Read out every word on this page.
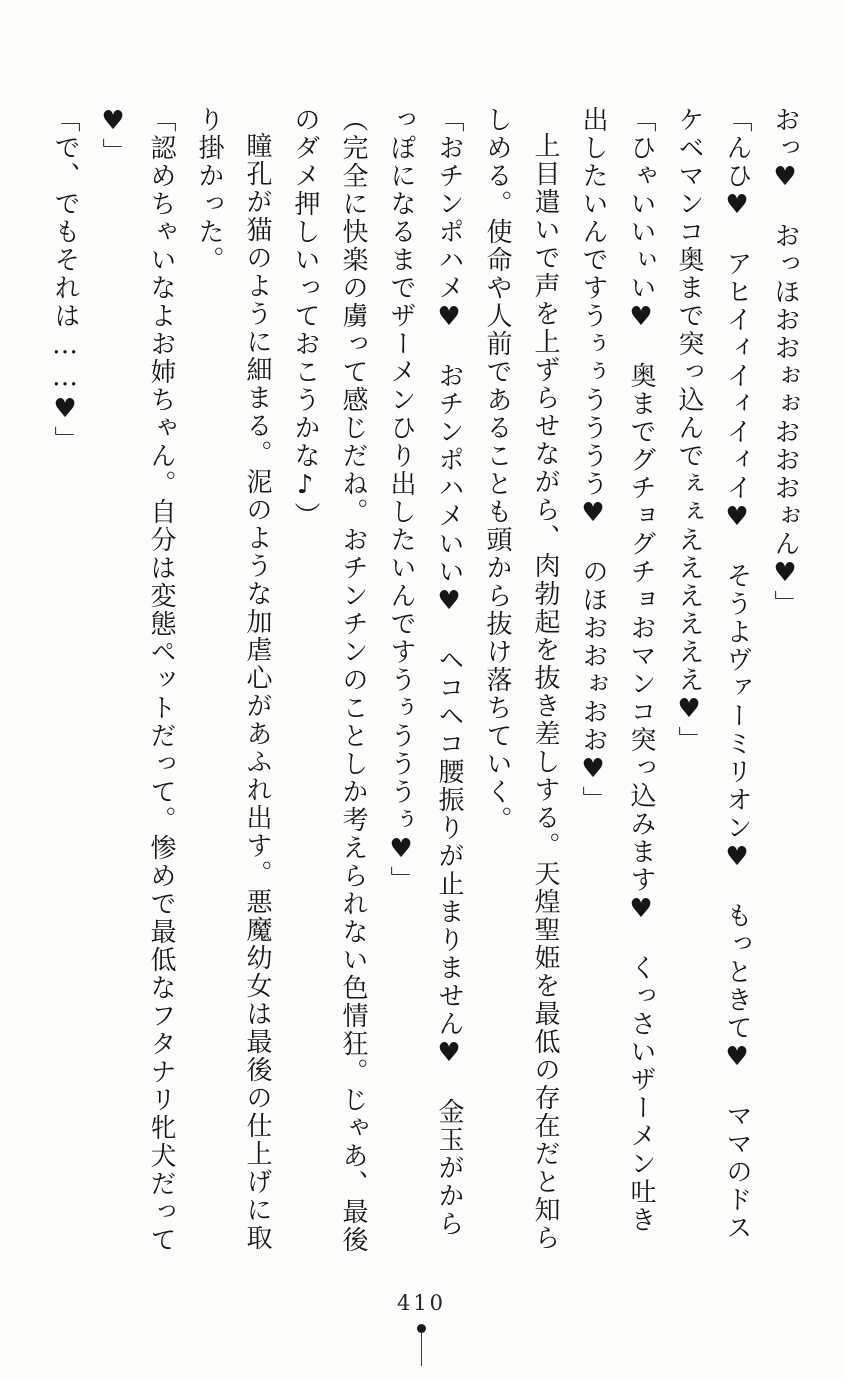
おっ♥　おっほおおぉぉおおおぉん♥」

「んひ♥　アヒイィイィイィイ♥　そうよヴァーミリオン♥　もっときて♥　ママのドスケベマンコ奥まで突っ込んでぇぇええええええ♥」

「ひゃいいぃい♥　奥までグチョグチョおマンコ突っ込みます♥　くっさいザーメン吐き出したいんですうぅぅうううう♥　のほおおぉおお♥」

上目遣いで声を上ずらせながら、肉勃起を抜き差しする。天煌聖姫を最低の存在だと知らしめる。使命や人前であることも頭から抜け落ちていく。

「おチンポハメ♥　おチンポハメいい♥　ヘコヘコ腰振りが止まりません♥　金玉がからっぽになるまでザーメンひり出したいんですうぅうううぅ♥」

（完全に快楽の虜って感じだね。おチンチンのことしか考えられない色情狂。じゃあ、最後のダメ押しいっておこうかな♪）

瞳孔が猫のように細まる。泥のような加虐心があふれ出す。悪魔幼女は最後の仕上げに取り掛かった。

「認めちゃいなよお姉ちゃん。自分は変態ペットだって。惨めで最低なフタナリ牝犬だって♥」

「で、でもそれは……♥」

410
